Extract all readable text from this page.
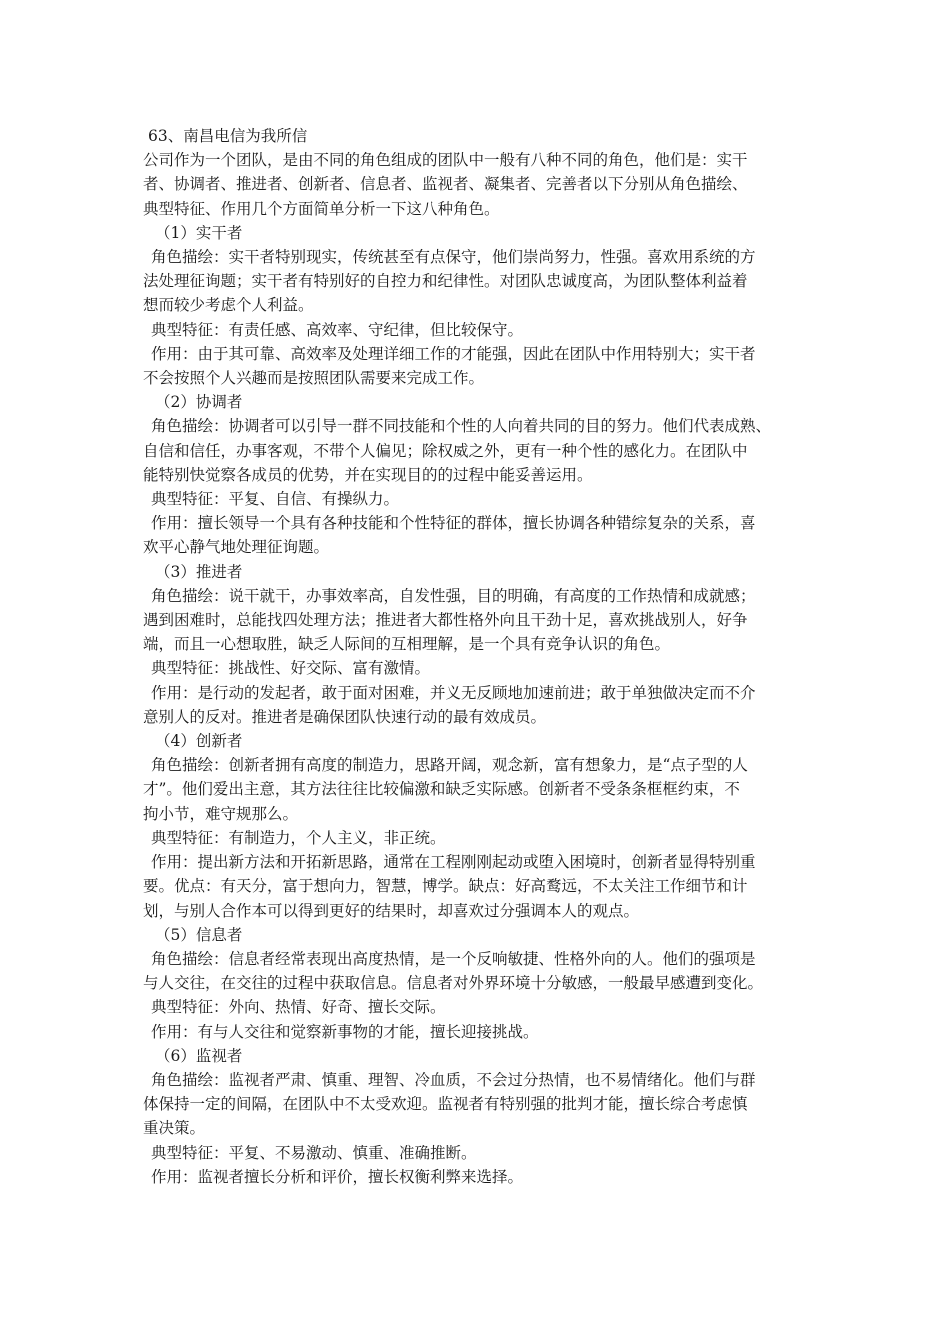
63、南昌电信为我所信
公司作为一个团队，是由不同的角色组成的团队中一般有八种不同的角色，他们是：实干
者、协调者、推进者、创新者、信息者、监视者、凝集者、完善者以下分别从角色描绘、
典型特征、作用几个方面简单分析一下这八种角色。
（1）实干者
角色描绘：实干者特别现实，传统甚至有点保守，他们崇尚努力，性强。喜欢用系统的方
法处理征询题；实干者有特别好的自控力和纪律性。对团队忠诚度高，为团队整体利益着
想而较少考虑个人利益。
典型特征：有责任感、高效率、守纪律，但比较保守。
作用：由于其可靠、高效率及处理详细工作的才能强，因此在团队中作用特别大；实干者
不会按照个人兴趣而是按照团队需要来完成工作。
（2）协调者
角色描绘：协调者可以引导一群不同技能和个性的人向着共同的目的努力。他们代表成熟、
自信和信任，办事客观，不带个人偏见；除权威之外，更有一种个性的感化力。在团队中
能特别快觉察各成员的优势，并在实现目的的过程中能妥善运用。
典型特征：平复、自信、有操纵力。
作用：擅长领导一个具有各种技能和个性特征的群体，擅长协调各种错综复杂的关系，喜
欢平心静气地处理征询题。
（3）推进者
角色描绘：说干就干，办事效率高，自发性强，目的明确，有高度的工作热情和成就感；
遇到困难时，总能找四处理方法；推进者大都性格外向且干劲十足，喜欢挑战别人，好争
端，而且一心想取胜，缺乏人际间的互相理解，是一个具有竞争认识的角色。
典型特征：挑战性、好交际、富有激情。
作用：是行动的发起者，敢于面对困难，并义无反顾地加速前进；敢于单独做决定而不介
意别人的反对。推进者是确保团队快速行动的最有效成员。
（4）创新者
角色描绘：创新者拥有高度的制造力，思路开阔，观念新，富有想象力，是“点子型的人
才”。他们爱出主意，其方法往往比较偏激和缺乏实际感。创新者不受条条框框约束，不
拘小节，难守规那么。
典型特征：有制造力，个人主义，非正统。
作用：提出新方法和开拓新思路，通常在工程刚刚起动或堕入困境时，创新者显得特别重
要。优点：有天分，富于想向力，智慧，博学。缺点：好高鹜远，不太关注工作细节和计
划，与别人合作本可以得到更好的结果时，却喜欢过分强调本人的观点。
（5）信息者
角色描绘：信息者经常表现出高度热情，是一个反响敏捷、性格外向的人。他们的强项是
与人交往，在交往的过程中获取信息。信息者对外界环境十分敏感，一般最早感遭到变化。
典型特征：外向、热情、好奇、擅长交际。
作用：有与人交往和觉察新事物的才能，擅长迎接挑战。
（6）监视者
角色描绘：监视者严肃、慎重、理智、冷血质，不会过分热情，也不易情绪化。他们与群
体保持一定的间隔，在团队中不太受欢迎。监视者有特别强的批判才能，擅长综合考虑慎
重决策。
典型特征：平复、不易激动、慎重、准确推断。
作用：监视者擅长分析和评价，擅长权衡利弊来选择。
